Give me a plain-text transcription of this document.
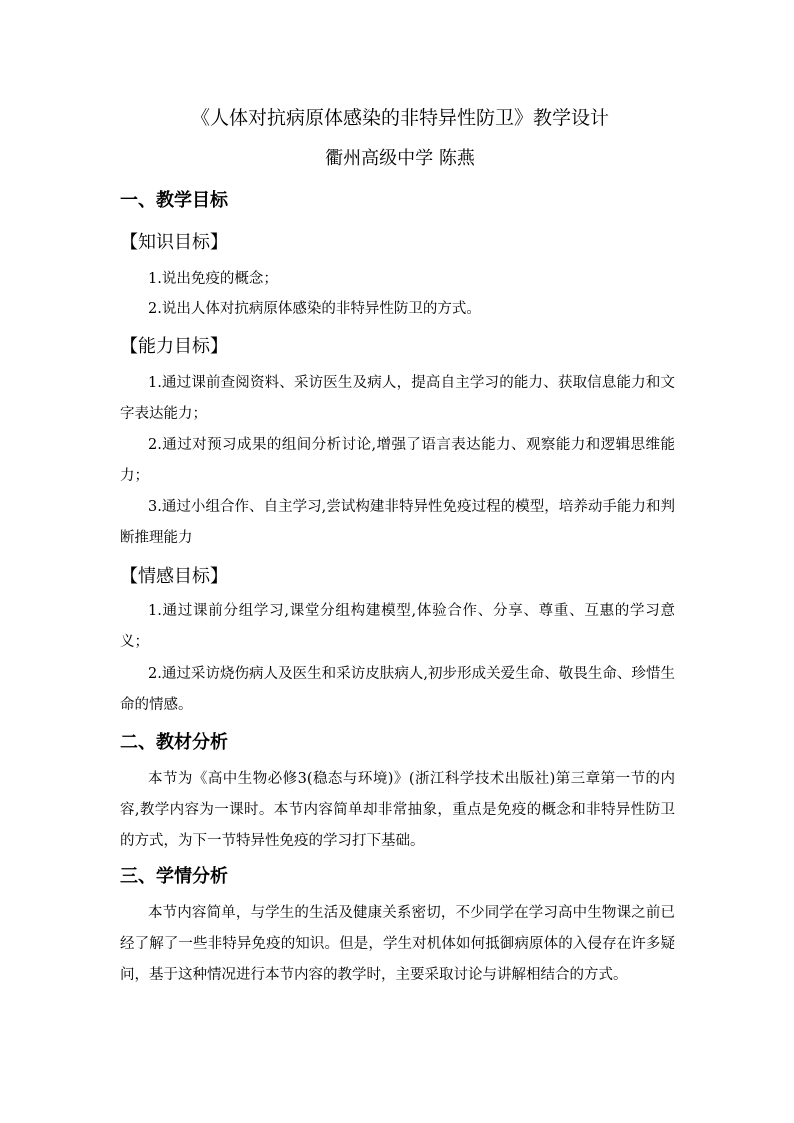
《人体对抗病原体感染的非特异性防卫》教学设计
衢州高级中学 陈燕
一、教学目标
【知识目标】

1.说出免疫的概念；

2.说出人体对抗病原体感染的非特异性防卫的方式。

【能力目标】

1.通过课前查阅资料、采访医生及病人，提高自主学习的能力、获取信息能力和文字表达能力；

2.通过对预习成果的组间分析讨论,增强了语言表达能力、观察能力和逻辑思维能力；

3.通过小组合作、自主学习,尝试构建非特异性免疫过程的模型，培养动手能力和判断推理能力

【情感目标】

1.通过课前分组学习,课堂分组构建模型,体验合作、分享、尊重、互惠的学习意义；

2.通过采访烧伤病人及医生和采访皮肤病人,初步形成关爱生命、敬畏生命、珍惜生命的情感。

二、教材分析

本节为《高中生物必修3(稳态与环境)》(浙江科学技术出版社)第三章第一节的内容,教学内容为一课时。本节内容简单却非常抽象，重点是免疫的概念和非特异性防卫的方式，为下一节特异性免疫的学习打下基础。

三、学情分析

本节内容简单，与学生的生活及健康关系密切，不少同学在学习高中生物课之前已经了解了一些非特异免疫的知识。但是，学生对机体如何抵御病原体的入侵存在许多疑问，基于这种情况进行本节内容的教学时，主要采取讨论与讲解相结合的方式。
